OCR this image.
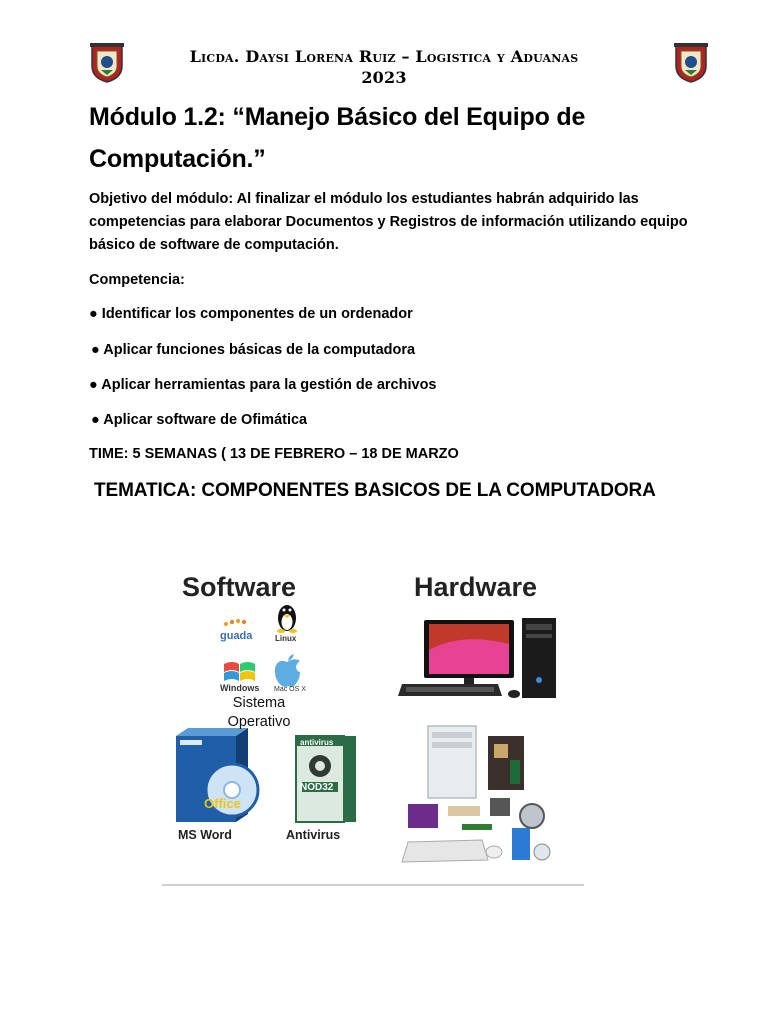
Licda. Daysi Lorena Ruiz – Logistica y Aduanas
2023
Módulo 1.2: “Manejo Básico del Equipo de Computación.”
Objetivo del módulo: Al finalizar el módulo los estudiantes habrán adquirido las competencias para elaborar Documentos y Registros de información utilizando equipo básico de software de computación.
Competencia:
● Identificar los componentes de un ordenador
● Aplicar funciones básicas de la computadora
● Aplicar herramientas para la gestión de archivos
● Aplicar software de Ofimática
TIME: 5 SEMANAS ( 13 DE FEBRERO – 18 DE MARZO
TEMATICA: COMPONENTES BASICOS DE LA COMPUTADORA
Software	Hardware
guada	Linux
Windows Mac OS X
Sistema Operativo
Office
antivirus
NOD32
MS Word	Antivirus
